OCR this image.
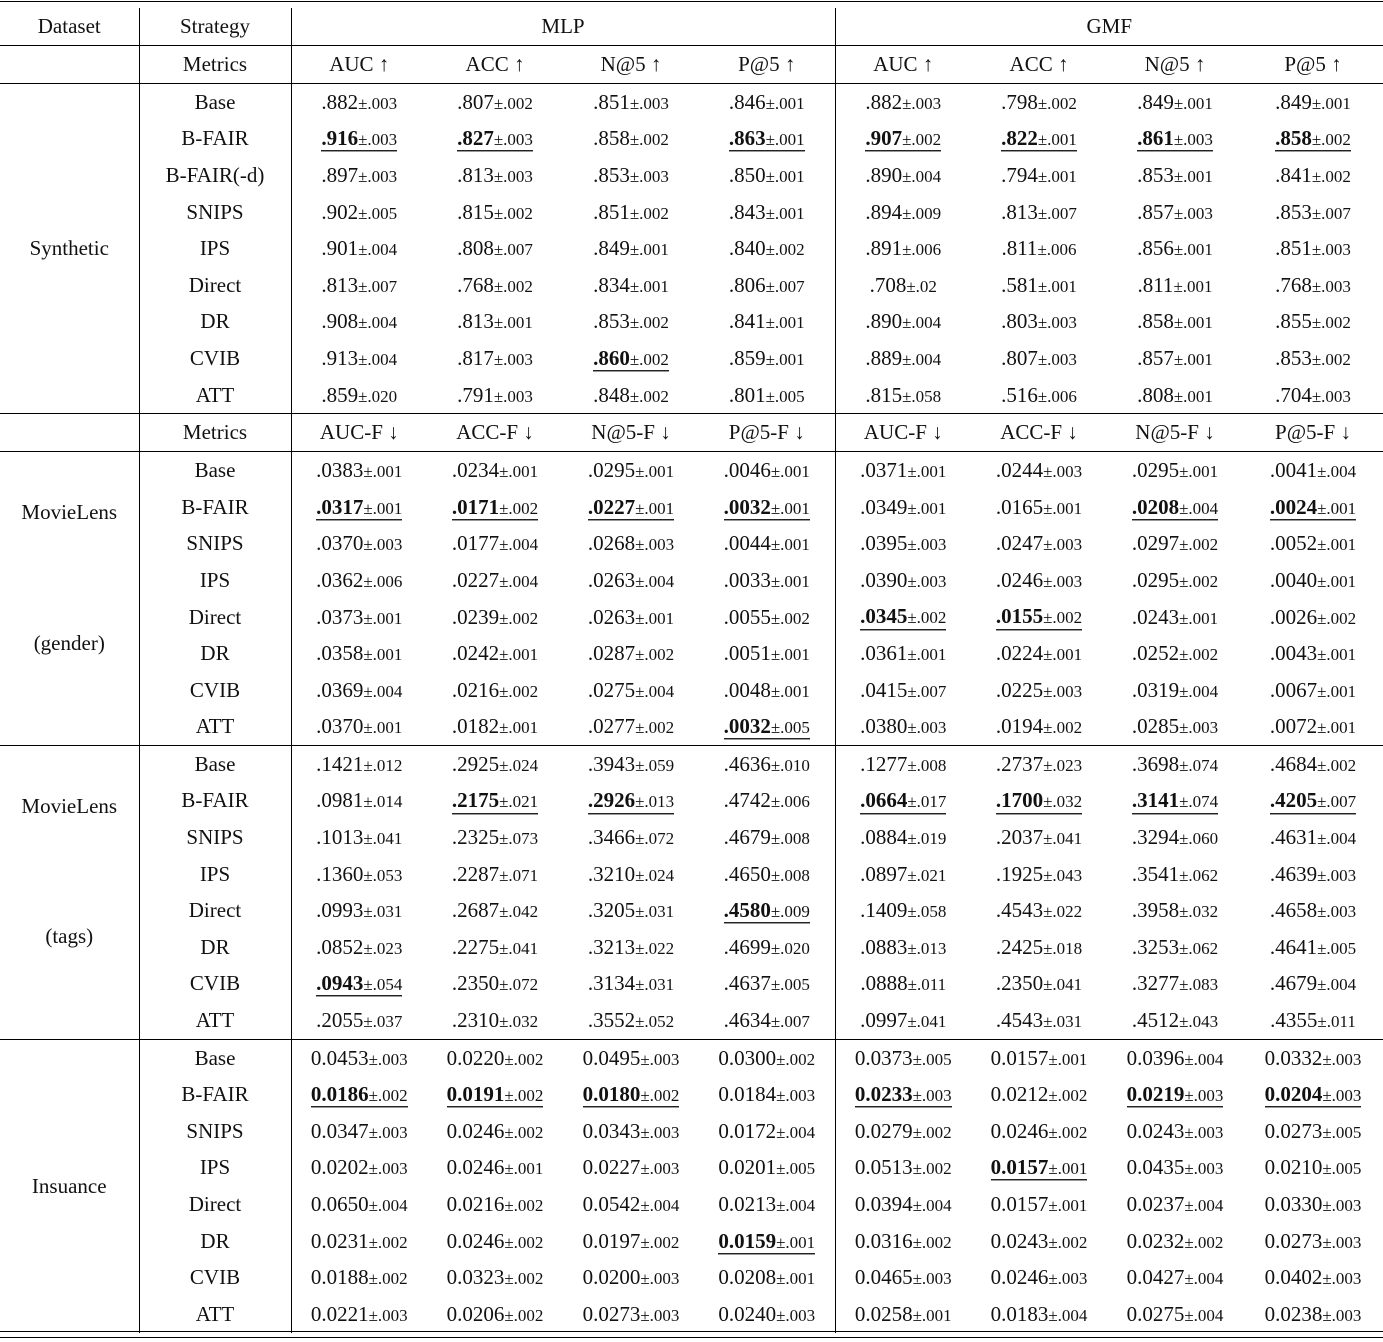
Dataset	Strategy	MLP				GMF			
	Metrics	AUC ↑	ACC ↑	N@5 ↑	P@5 ↑	AUC ↑	ACC ↑	N@5 ↑	P@5 ↑
Synthetic	Base	.882±.003	.807±.002	.851±.003	.846±.001	.882±.003	.798±.002	.849±.001	.849±.001
	B-FAIR	.916±.003	.827±.003	.858±.002	.863±.001	.907±.002	.822±.001	.861±.003	.858±.002
	B-FAIR(-d)	.897±.003	.813±.003	.853±.003	.850±.001	.890±.004	.794±.001	.853±.001	.841±.002
	SNIPS	.902±.005	.815±.002	.851±.002	.843±.001	.894±.009	.813±.007	.857±.003	.853±.007
	IPS	.901±.004	.808±.007	.849±.001	.840±.002	.891±.006	.811±.006	.856±.001	.851±.003
	Direct	.813±.007	.768±.002	.834±.001	.806±.007	.708±.02	.581±.001	.811±.001	.768±.003
	DR	.908±.004	.813±.001	.853±.002	.841±.001	.890±.004	.803±.003	.858±.001	.855±.002
	CVIB	.913±.004	.817±.003	.860±.002	.859±.001	.889±.004	.807±.003	.857±.001	.853±.002
	ATT	.859±.020	.791±.003	.848±.002	.801±.005	.815±.058	.516±.006	.808±.001	.704±.003
	Metrics	AUC-F ↓	ACC-F ↓	N@5-F ↓	P@5-F ↓	AUC-F ↓	ACC-F ↓	N@5-F ↓	P@5-F ↓

MovieLens
(gender)	Base	.0383±.001	.0234±.001	.0295±.001	.0046±.001	.0371±.001	.0244±.003	.0295±.001	.0041±.004
	B-FAIR	.0317±.001	.0171±.002	.0227±.001	.0032±.001	.0349±.001	.0165±.001	.0208±.004	.0024±.001
	SNIPS	.0370±.003	.0177±.004	.0268±.003	.0044±.001	.0395±.003	.0247±.003	.0297±.002	.0052±.001
	IPS	.0362±.006	.0227±.004	.0263±.004	.0033±.001	.0390±.003	.0246±.003	.0295±.002	.0040±.001
	Direct	.0373±.001	.0239±.002	.0263±.001	.0055±.002	.0345±.002	.0155±.002	.0243±.001	.0026±.002
	DR	.0358±.001	.0242±.001	.0287±.002	.0051±.001	.0361±.001	.0224±.001	.0252±.002	.0043±.001
	CVIB	.0369±.004	.0216±.002	.0275±.004	.0048±.001	.0415±.007	.0225±.003	.0319±.004	.0067±.001
	ATT	.0370±.001	.0182±.001	.0277±.002	.0032±.005	.0380±.003	.0194±.002	.0285±.003	.0072±.001

MovieLens
(tags)	Base	.1421±.012	.2925±.024	.3943±.059	.4636±.010	.1277±.008	.2737±.023	.3698±.074	.4684±.002
	B-FAIR	.0981±.014	.2175±.021	.2926±.013	.4742±.006	.0664±.017	.1700±.032	.3141±.074	.4205±.007
	SNIPS	.1013±.041	.2325±.073	.3466±.072	.4679±.008	.0884±.019	.2037±.041	.3294±.060	.4631±.004
	IPS	.1360±.053	.2287±.071	.3210±.024	.4650±.008	.0897±.021	.1925±.043	.3541±.062	.4639±.003
	Direct	.0993±.031	.2687±.042	.3205±.031	.4580±.009	.1409±.058	.4543±.022	.3958±.032	.4658±.003
	DR	.0852±.023	.2275±.041	.3213±.022	.4699±.020	.0883±.013	.2425±.018	.3253±.062	.4641±.005
	CVIB	.0943±.054	.2350±.072	.3134±.031	.4637±.005	.0888±.011	.2350±.041	.3277±.083	.4679±.004
	ATT	.2055±.037	.2310±.032	.3552±.052	.4634±.007	.0997±.041	.4543±.031	.4512±.043	.4355±.011
Insuance	Base	0.0453±.003	0.0220±.002	0.0495±.003	0.0300±.002	0.0373±.005	0.0157±.001	0.0396±.004	0.0332±.003
	B-FAIR	0.0186±.002	0.0191±.002	0.0180±.002	0.0184±.003	0.0233±.003	0.0212±.002	0.0219±.003	0.0204±.003
	SNIPS	0.0347±.003	0.0246±.002	0.0343±.003	0.0172±.004	0.0279±.002	0.0246±.002	0.0243±.003	0.0273±.005
	IPS	0.0202±.003	0.0246±.001	0.0227±.003	0.0201±.005	0.0513±.002	0.0157±.001	0.0435±.003	0.0210±.005
	Direct	0.0650±.004	0.0216±.002	0.0542±.004	0.0213±.004	0.0394±.004	0.0157±.001	0.0237±.004	0.0330±.003
	DR	0.0231±.002	0.0246±.002	0.0197±.002	0.0159±.001	0.0316±.002	0.0243±.002	0.0232±.002	0.0273±.003
	CVIB	0.0188±.002	0.0323±.002	0.0200±.003	0.0208±.001	0.0465±.003	0.0246±.003	0.0427±.004	0.0402±.003
	ATT	0.0221±.003	0.0206±.002	0.0273±.003	0.0240±.003	0.0258±.001	0.0183±.004	0.0275±.004	0.0238±.003
